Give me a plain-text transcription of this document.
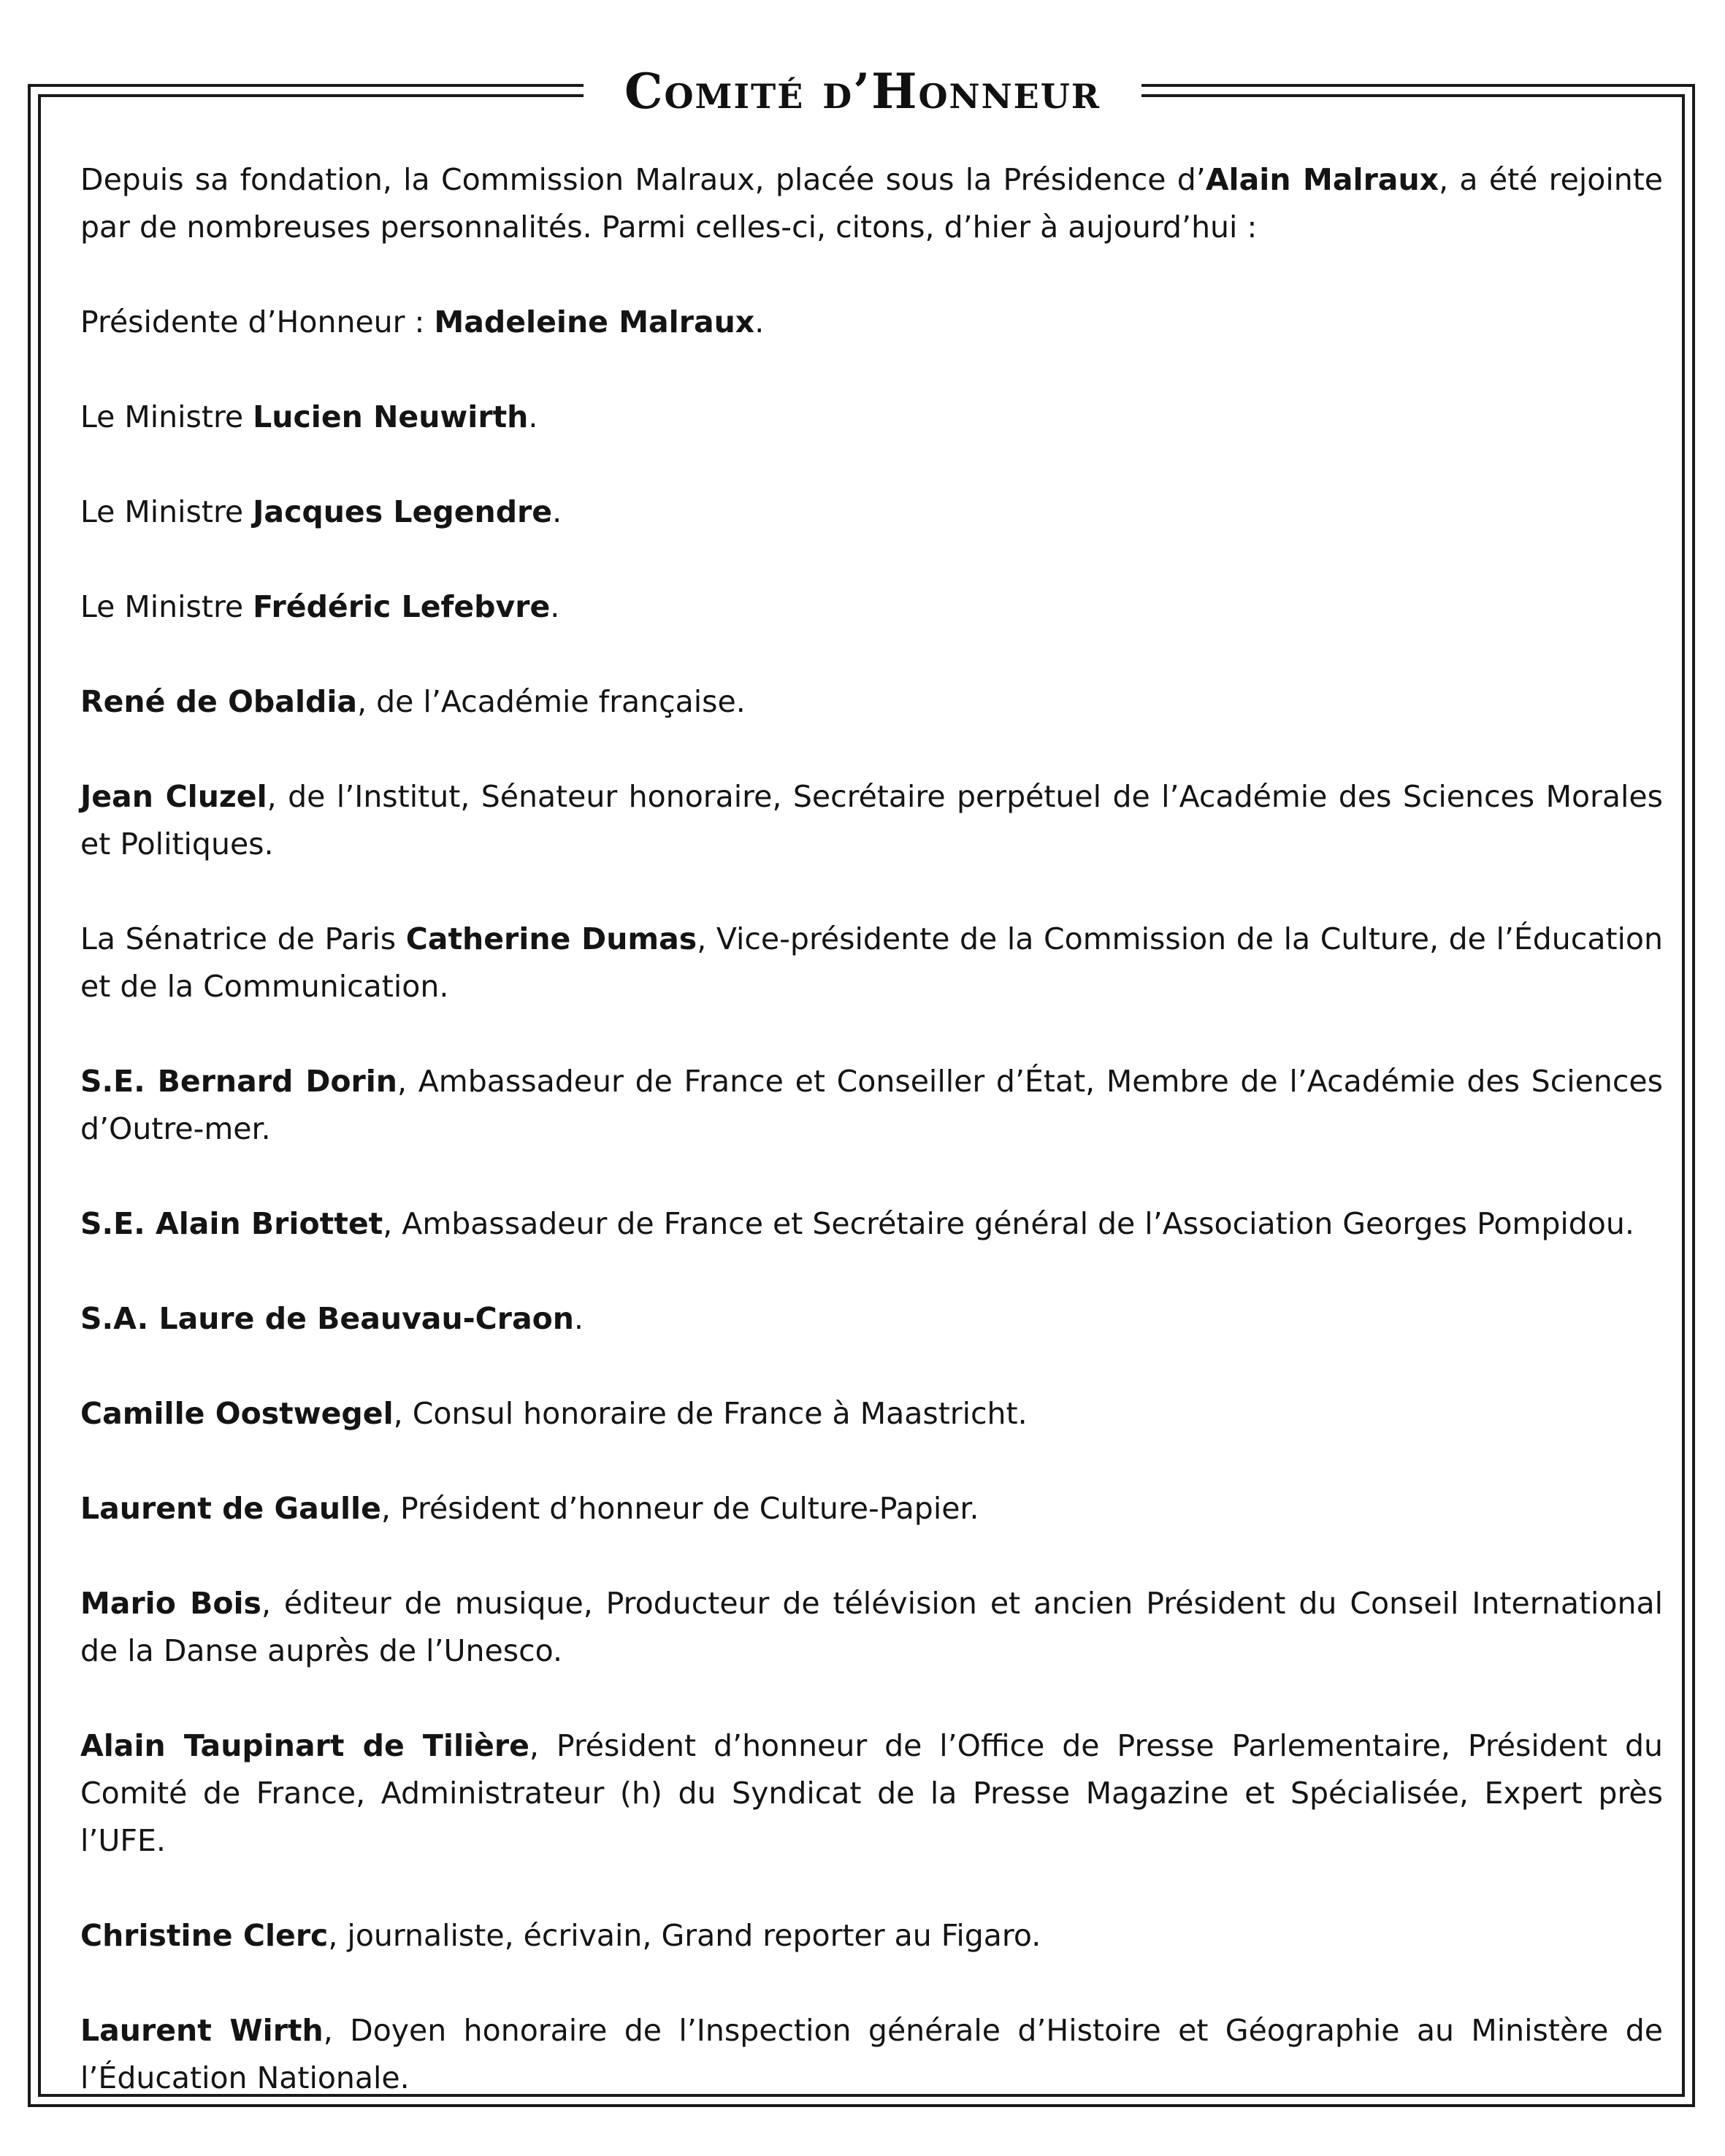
Comité d’Honneur

Depuis sa fondation, la Commission Malraux, placée sous la Présidence d’Alain Malraux, a été rejointe par de nombreuses personnalités. Parmi celles-ci, citons, d’hier à aujourd’hui :

Présidente d’Honneur : Madeleine Malraux.

Le Ministre Lucien Neuwirth.

Le Ministre Jacques Legendre.

Le Ministre Frédéric Lefebvre.

René de Obaldia, de l’Académie française.

Jean Cluzel, de l’Institut, Sénateur honoraire, Secrétaire perpétuel de l’Académie des Sciences Morales et Politiques.

La Sénatrice de Paris Catherine Dumas, Vice-présidente de la Commission de la Culture, de l’Éducation et de la Communication.

S.E. Bernard Dorin, Ambassadeur de France et Conseiller d’État, Membre de l’Académie des Sciences d’Outre-mer.

S.E. Alain Briottet, Ambassadeur de France et Secrétaire général de l’Association Georges Pompidou.

S.A. Laure de Beauvau-Craon.

Camille Oostwegel, Consul honoraire de France à Maastricht.

Laurent de Gaulle, Président d’honneur de Culture-Papier.

Mario Bois, éditeur de musique, Producteur de télévision et ancien Président du Conseil International de la Danse auprès de l’Unesco.

Alain Taupinart de Tilière, Président d’honneur de l’Office de Presse Parlementaire, Président du Comité de France, Administrateur (h) du Syndicat de la Presse Magazine et Spécialisée, Expert près l’UFE.

Christine Clerc, journaliste, écrivain, Grand reporter au Figaro.

Laurent Wirth, Doyen honoraire de l’Inspection générale d’Histoire et Géographie au Ministère de l’Éducation Nationale.
